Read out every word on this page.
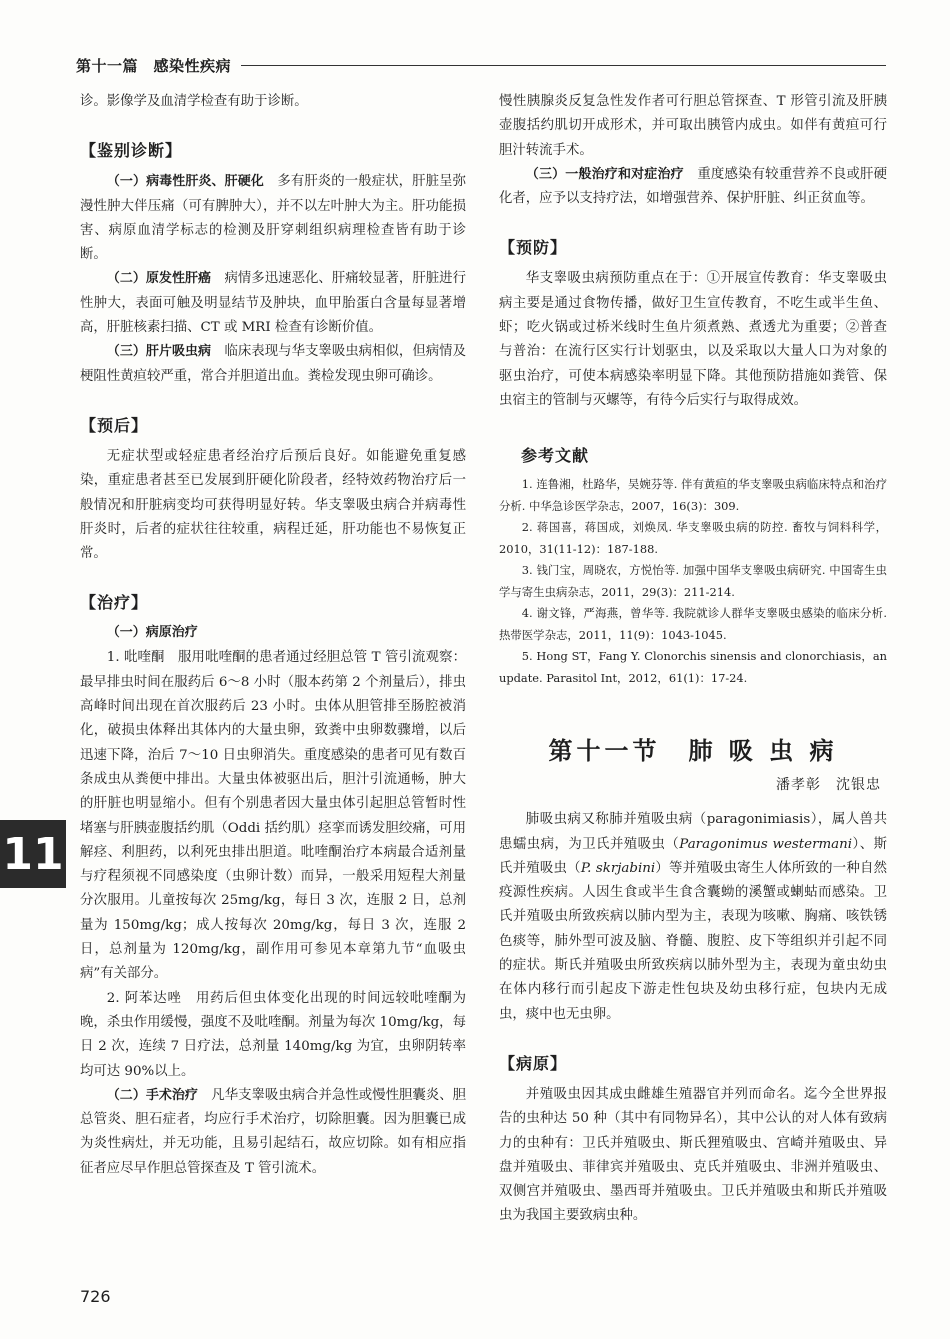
第十一篇　感染性疾病

诊。影像学及血清学检查有助于诊断。

【鉴别诊断】

（一）病毒性肝炎、肝硬化　多有肝炎的一般症状，肝脏呈弥漫性肿大伴压痛（可有脾肿大），并不以左叶肿大为主。肝功能损害、病原血清学标志的检测及肝穿刺组织病理检查皆有助于诊断。

（二）原发性肝癌　病情多迅速恶化、肝痛较显著，肝脏进行性肿大，表面可触及明显结节及肿块，血甲胎蛋白含量每显著增高，肝脏核素扫描、CT 或 MRI 检查有诊断价值。

（三）肝片吸虫病　临床表现与华支睾吸虫病相似，但病情及梗阻性黄疸较严重，常合并胆道出血。粪检发现虫卵可确诊。

【预后】

无症状型或轻症患者经治疗后预后良好。如能避免重复感染，重症患者甚至已发展到肝硬化阶段者，经特效药物治疗后一般情况和肝脏病变均可获得明显好转。华支睾吸虫病合并病毒性肝炎时，后者的症状往往较重，病程迁延，肝功能也不易恢复正常。

【治疗】
（一）病原治疗

1. 吡喹酮　服用吡喹酮的患者通过经胆总管 T 管引流观察：最早排虫时间在服药后 6～8 小时（服本药第 2 个剂量后），排虫高峰时间出现在首次服药后 23 小时。虫体从胆管排至肠腔被消化，破损虫体释出其体内的大量虫卵，致粪中虫卵数骤增，以后迅速下降，治后 7～10 日虫卵消失。重度感染的患者可见有数百条成虫从粪便中排出。大量虫体被驱出后，胆汁引流通畅，肿大的肝脏也明显缩小。但有个别患者因大量虫体引起胆总管暂时性堵塞与肝胰壶腹括约肌（Oddi 括约肌）痉挛而诱发胆绞痛，可用解痉、利胆药，以利死虫排出胆道。吡喹酮治疗本病最合适剂量与疗程须视不同感染度（虫卵计数）而异，一般采用短程大剂量分次服用。儿童按每次 25mg/kg，每日 3 次，连服 2 日，总剂量为 150mg/kg；成人按每次 20mg/kg，每日 3 次，连服 2 日，总剂量为 120mg/kg，副作用可参见本章第九节“血吸虫病”有关部分。

2. 阿苯达唑　用药后但虫体变化出现的时间远较吡喹酮为晚，杀虫作用缓慢，强度不及吡喹酮。剂量为每次 10mg/kg，每日 2 次，连续 7 日疗法，总剂量 140mg/kg 为宜，虫卵阴转率均可达 90%以上。

（二）手术治疗　凡华支睾吸虫病合并急性或慢性胆囊炎、胆总管炎、胆石症者，均应行手术治疗，切除胆囊。因为胆囊已成为炎性病灶，并无功能，且易引起结石，故应切除。如有相应指征者应尽早作胆总管探查及 T 管引流术。

慢性胰腺炎反复急性发作者可行胆总管探查、T 形管引流及肝胰壶腹括约肌切开成形术，并可取出胰管内成虫。如伴有黄疸可行胆汁转流手术。

（三）一般治疗和对症治疗　重度感染有较重营养不良或肝硬化者，应予以支持疗法，如增强营养、保护肝脏、纠正贫血等。

【预防】

华支睾吸虫病预防重点在于：①开展宣传教育：华支睾吸虫病主要是通过食物传播，做好卫生宣传教育，不吃生或半生鱼、虾；吃火锅或过桥米线时生鱼片须煮熟、煮透尤为重要；②普查与普治：在流行区实行计划驱虫，以及采取以大量人口为对象的驱虫治疗，可使本病感染率明显下降。其他预防措施如粪管、保虫宿主的管制与灭螺等，有待今后实行与取得成效。

参考文献

1. 连鲁湘，杜路华，吴婉芬等. 伴有黄疸的华支睾吸虫病临床特点和治疗分析. 中华急诊医学杂志，2007，16(3)：309.

2. 蒋国喜，蒋国成，刘焕凤. 华支睾吸虫病的防控. 畜牧与饲料科学，2010，31(11-12)：187-188.

3. 钱门宝，周晓农，方悦怡等. 加强中国华支睾吸虫病研究. 中国寄生虫学与寄生虫病杂志，2011，29(3)：211-214.

4. 谢文锋，严海燕，曾华等. 我院就诊人群华支睾吸虫感染的临床分析. 热带医学杂志，2011，11(9)：1043-1045.

5. Hong ST，Fang Y. Clonorchis sinensis and clonorchiasis，an update. Parasitol Int，2012，61(1)：17-24.

第十一节 肺 吸 虫 病
潘孝彰　沈银忠

肺吸虫病又称肺并殖吸虫病（paragonimiasis），属人兽共患蠕虫病，为卫氏并殖吸虫（Paragonimus westermani）、斯氏并殖吸虫（P. skrjabini）等并殖吸虫寄生人体所致的一种自然疫源性疾病。人因生食或半生食含囊蚴的溪蟹或蝲蛄而感染。卫氏并殖吸虫所致疾病以肺内型为主，表现为咳嗽、胸痛、咳铁锈色痰等，肺外型可波及脑、脊髓、腹腔、皮下等组织并引起不同的症状。斯氏并殖吸虫所致疾病以肺外型为主，表现为童虫幼虫在体内移行而引起皮下游走性包块及幼虫移行症，包块内无成虫，痰中也无虫卵。

【病原】

并殖吸虫因其成虫雌雄生殖器官并列而命名。迄今全世界报告的虫种达 50 种（其中有同物异名），其中公认的对人体有致病力的虫种有：卫氏并殖吸虫、斯氏狸殖吸虫、宫崎并殖吸虫、异盘并殖吸虫、菲律宾并殖吸虫、克氏并殖吸虫、非洲并殖吸虫、双侧宫并殖吸虫、墨西哥并殖吸虫。卫氏并殖吸虫和斯氏并殖吸虫为我国主要致病虫种。

11
726
